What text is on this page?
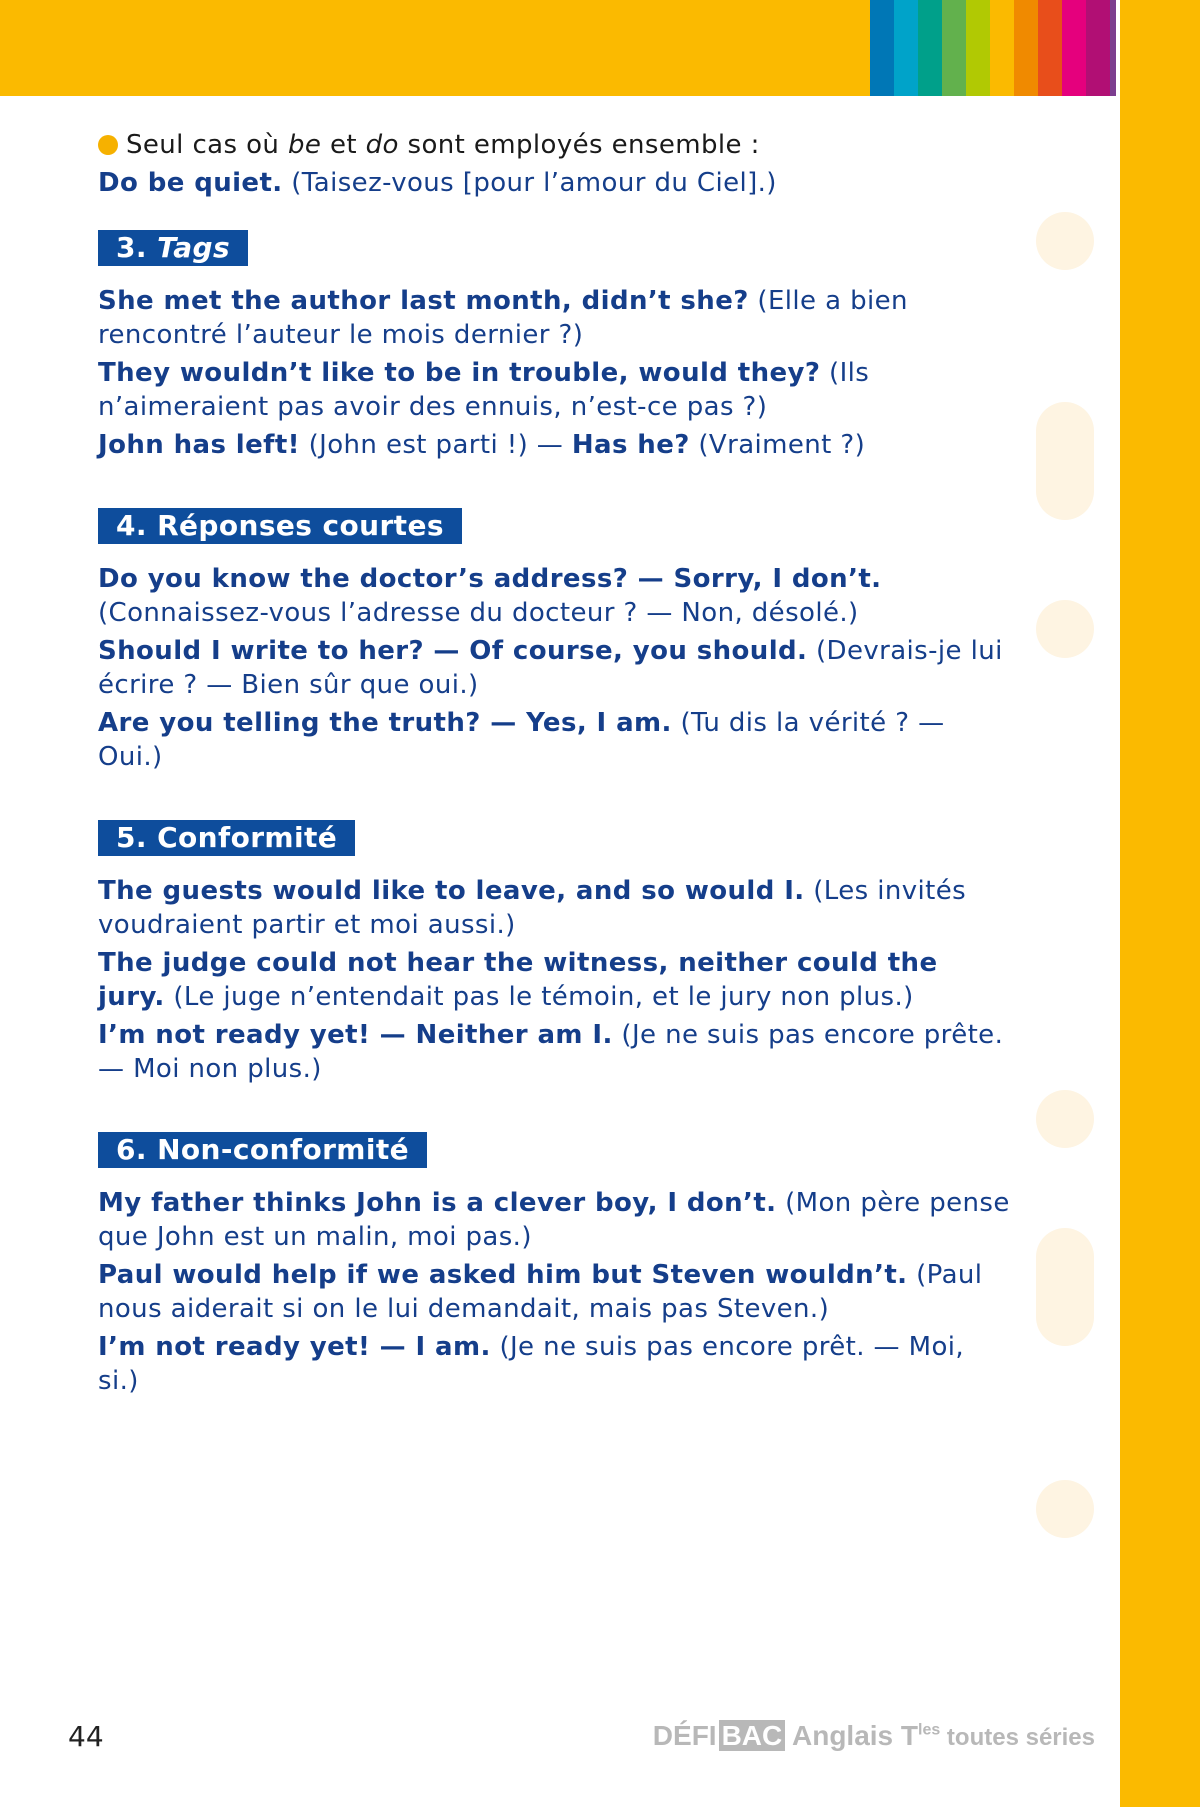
Seul cas où be et do sont employés ensemble :

Do be quiet. (Taisez-vous [pour l’amour du Ciel].)

3. Tags

She met the author last month, didn’t she? (Elle a bien rencontré l’auteur le mois dernier ?)

They wouldn’t like to be in trouble, would they? (Ils n’aimeraient pas avoir des ennuis, n’est-ce pas ?)

John has left! (John est parti !) — Has he? (Vraiment ?)

4. Réponses courtes

Do you know the doctor’s address? — Sorry, I don’t. (Connaissez-vous l’adresse du docteur ? — Non, désolé.)

Should I write to her? — Of course, you should. (Devrais-je lui écrire ? — Bien sûr que oui.)

Are you telling the truth? — Yes, I am. (Tu dis la vérité ? — Oui.)

5. Conformité

The guests would like to leave, and so would I. (Les invités voudraient partir et moi aussi.)

The judge could not hear the witness, neither could the jury. (Le juge n’entendait pas le témoin, et le jury non plus.)

I’m not ready yet! — Neither am I. (Je ne suis pas encore prête. — Moi non plus.)

6. Non-conformité

My father thinks John is a clever boy, I don’t. (Mon père pense que John est un malin, moi pas.)

Paul would help if we asked him but Steven wouldn’t. (Paul nous aiderait si on le lui demandait, mais pas Steven.)

I’m not ready yet! — I am. (Je ne suis pas encore prêt. — Moi, si.)

44	DÉFI BAC Anglais $T^{les}$ toutes séries
